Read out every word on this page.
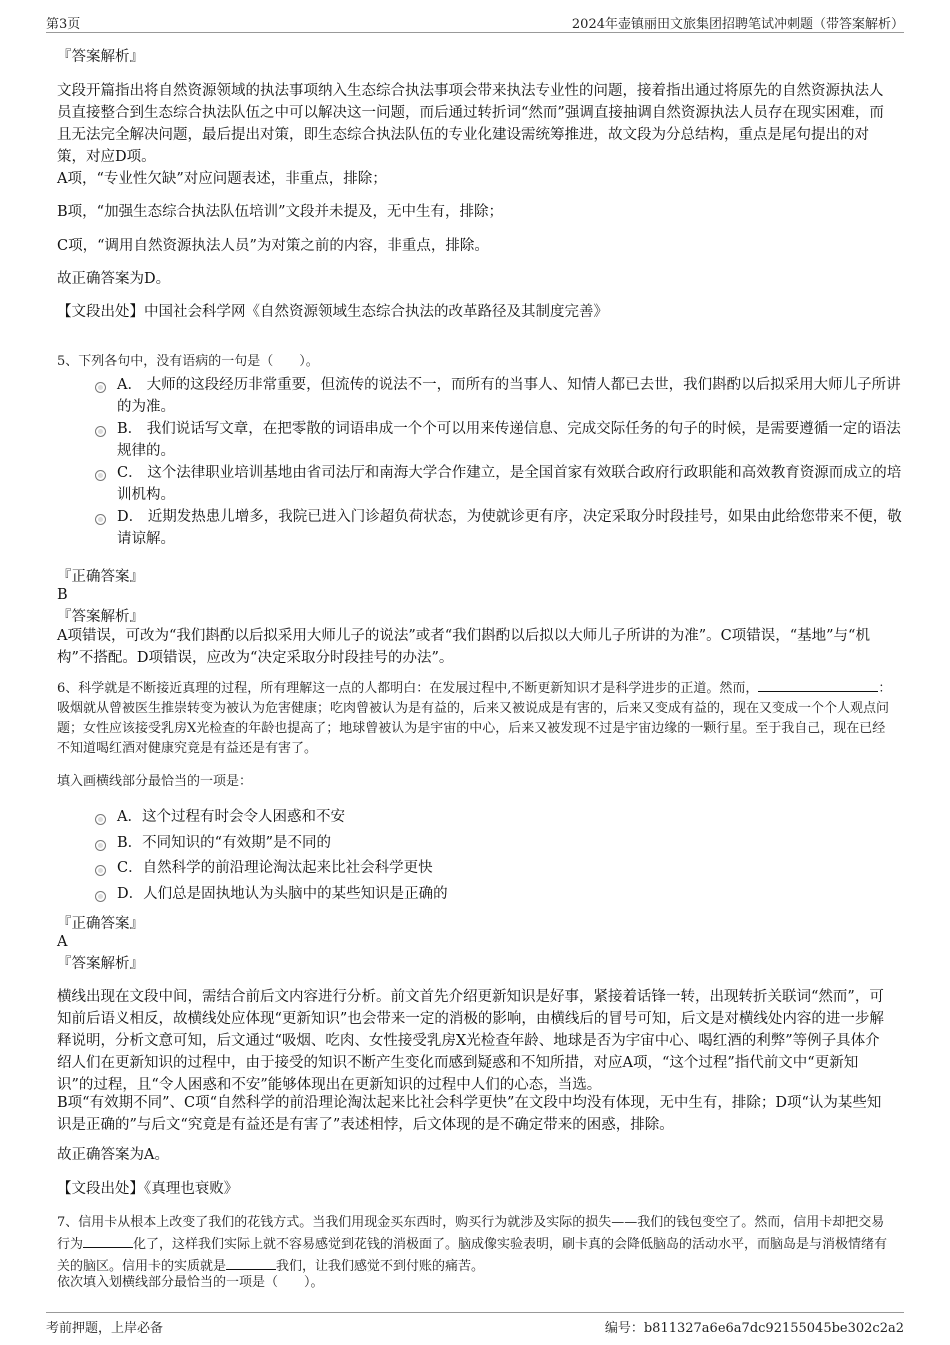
第3页	2024年壶镇丽田文旅集团招聘笔试冲刺题（带答案解析）
『答案解析』
文段开篇指出将自然资源领域的执法事项纳入生态综合执法事项会带来执法专业性的问题，接着指出通过将原先的自然资源执法人员直接整合到生态综合执法队伍之中可以解决这一问题，而后通过转折词“然而”强调直接抽调自然资源执法人员存在现实困难，而且无法完全解决问题，最后提出对策，即生态综合执法队伍的专业化建设需统筹推进，故文段为分总结构，重点是尾句提出的对策，对应D项。
A项，“专业性欠缺”对应问题表述，非重点，排除；
B项，“加强生态综合执法队伍培训”文段并未提及，无中生有，排除；
C项，“调用自然资源执法人员”为对策之前的内容，非重点，排除。
故正确答案为D。
【文段出处】中国社会科学网《自然资源领域生态综合执法的改革路径及其制度完善》
5、下列各句中，没有语病的一句是（　　）。
A． 大师的这段经历非常重要，但流传的说法不一，而所有的当事人、知情人都已去世，我们斟酌以后拟采用大师儿子所讲的为准。
B． 我们说话写文章，在把零散的词语串成一个个可以用来传递信息、完成交际任务的句子的时候，是需要遵循一定的语法规律的。
C． 这个法律职业培训基地由省司法厅和南海大学合作建立，是全国首家有效联合政府行政职能和高效教育资源而成立的培训机构。
D． 近期发热患儿增多，我院已进入门诊超负荷状态，为使就诊更有序，决定采取分时段挂号，如果由此给您带来不便，敬请谅解。
『正确答案』
B
『答案解析』
A项错误，可改为“我们斟酌以后拟采用大师儿子的说法”或者“我们斟酌以后拟以大师儿子所讲的为准”。C项错误，“基地”与“机构”不搭配。D项错误，应改为“决定采取分时段挂号的办法”。
6、科学就是不断接近真理的过程，所有理解这一点的人都明白：在发展过程中,不断更新知识才是科学进步的正道。然而，	：吸烟就从曾被医生推崇转变为被认为危害健康；吃肉曾被认为是有益的，后来又被说成是有害的，后来又变成有益的，现在又变成一个个人观点问题；女性应该接受乳房X光检查的年龄也提高了；地球曾被认为是宇宙的中心，后来又被发现不过是宇宙边缘的一颗行星。至于我自己，现在已经不知道喝红酒对健康究竟是有益还是有害了。
填入画横线部分最恰当的一项是：
A．这个过程有时会令人困惑和不安
B．不同知识的“有效期”是不同的
C．自然科学的前沿理论淘汰起来比社会科学更快
D．人们总是固执地认为头脑中的某些知识是正确的
『正确答案』
A
『答案解析』
横线出现在文段中间，需结合前后文内容进行分析。前文首先介绍更新知识是好事，紧接着话锋一转，出现转折关联词“然而”，可知前后语义相反，故横线处应体现“更新知识”也会带来一定的消极的影响，由横线后的冒号可知，后文是对横线处内容的进一步解释说明，分析文意可知，后文通过“吸烟、吃肉、女性接受乳房X光检查年龄、地球是否为宇宙中心、喝红酒的利弊”等例子具体介绍人们在更新知识的过程中，由于接受的知识不断产生变化而感到疑惑和不知所措，对应A项，“这个过程”指代前文中“更新知识”的过程，且“令人困惑和不安”能够体现出在更新知识的过程中人们的心态，当选。
B项“有效期不同”、C项“自然科学的前沿理论淘汰起来比社会科学更快”在文段中均没有体现，无中生有，排除；D项“认为某些知识是正确的”与后文“究竟是有益还是有害了”表述相悖，后文体现的是不确定带来的困惑，排除。
故正确答案为A。
【文段出处】《真理也衰败》
7、信用卡从根本上改变了我们的花钱方式。当我们用现金买东西时，购买行为就涉及实际的损失——我们的钱包变空了。然而，信用卡却把交易行为	化了，这样我们实际上就不容易感觉到花钱的消极面了。脑成像实验表明，刷卡真的会降低脑岛的活动水平，而脑岛是与消极情绪有关的脑区。信用卡的实质就是	我们，让我们感觉不到付账的痛苦。
依次填入划横线部分最恰当的一项是（　　）。
考前押题，上岸必备	编号：b811327a6e6a7dc92155045be302c2a2
